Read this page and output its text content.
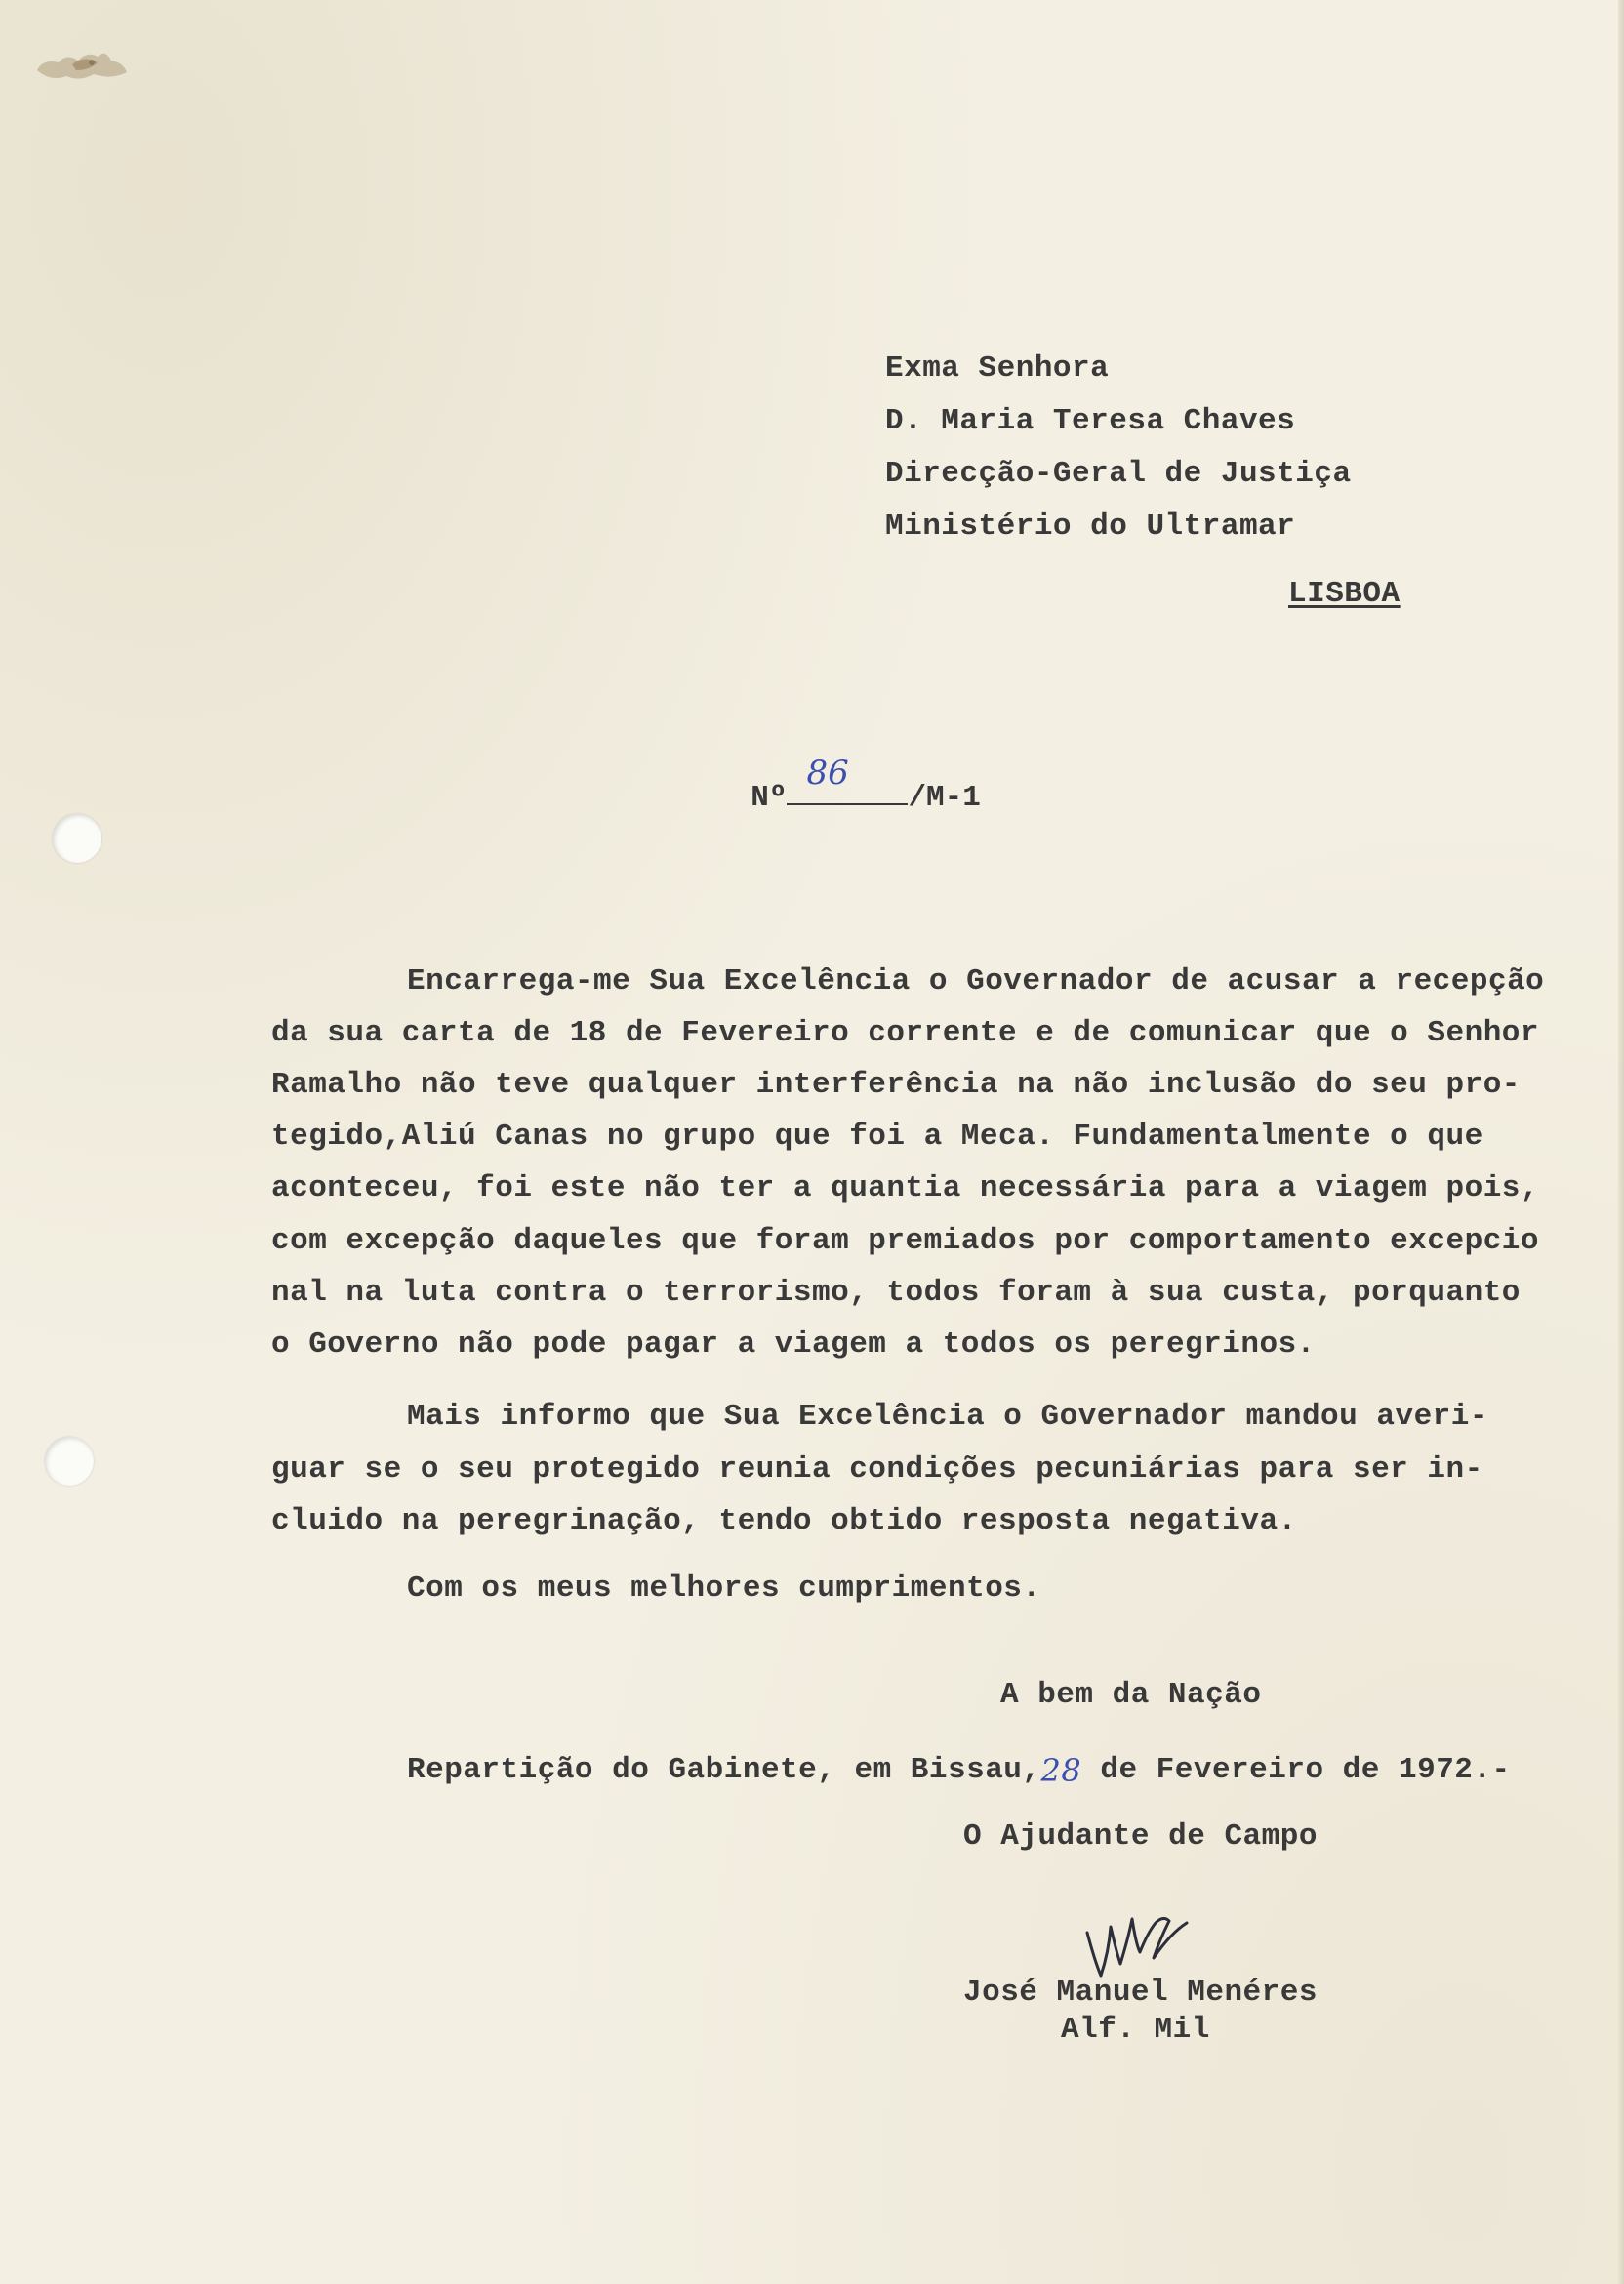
Exma Senhora
D. Maria Teresa Chaves
Direcção-Geral de Justiça
Ministério do Ultramar
LISBOA

Nº
86
/M-1

Encarrega-me Sua Excelência o Governador de acusar a recepção
da sua carta de 18 de Fevereiro corrente e de comunicar que o Senhor
Ramalho não teve qualquer interferência na não inclusão do seu pro-
tegido,Aliú Canas no grupo que foi a Meca. Fundamentalmente o que
aconteceu, foi este não ter a quantia necessária para a viagem pois,
com excepção daqueles que foram premiados por comportamento excepcio
nal na luta contra o terrorismo, todos foram à sua custa, porquanto
o Governo não pode pagar a viagem a todos os peregrinos.
Mais informo que Sua Excelência o Governador mandou averi-
guar se o seu protegido reunia condições pecuniárias para ser in-
cluido na peregrinação, tendo obtido resposta negativa.
Com os meus melhores cumprimentos.
A bem da Nação
Repartição do Gabinete, em Bissau,28 de Fevereiro de 1972.-
O Ajudante de Campo
José Manuel Menéres
Alf. Mil
